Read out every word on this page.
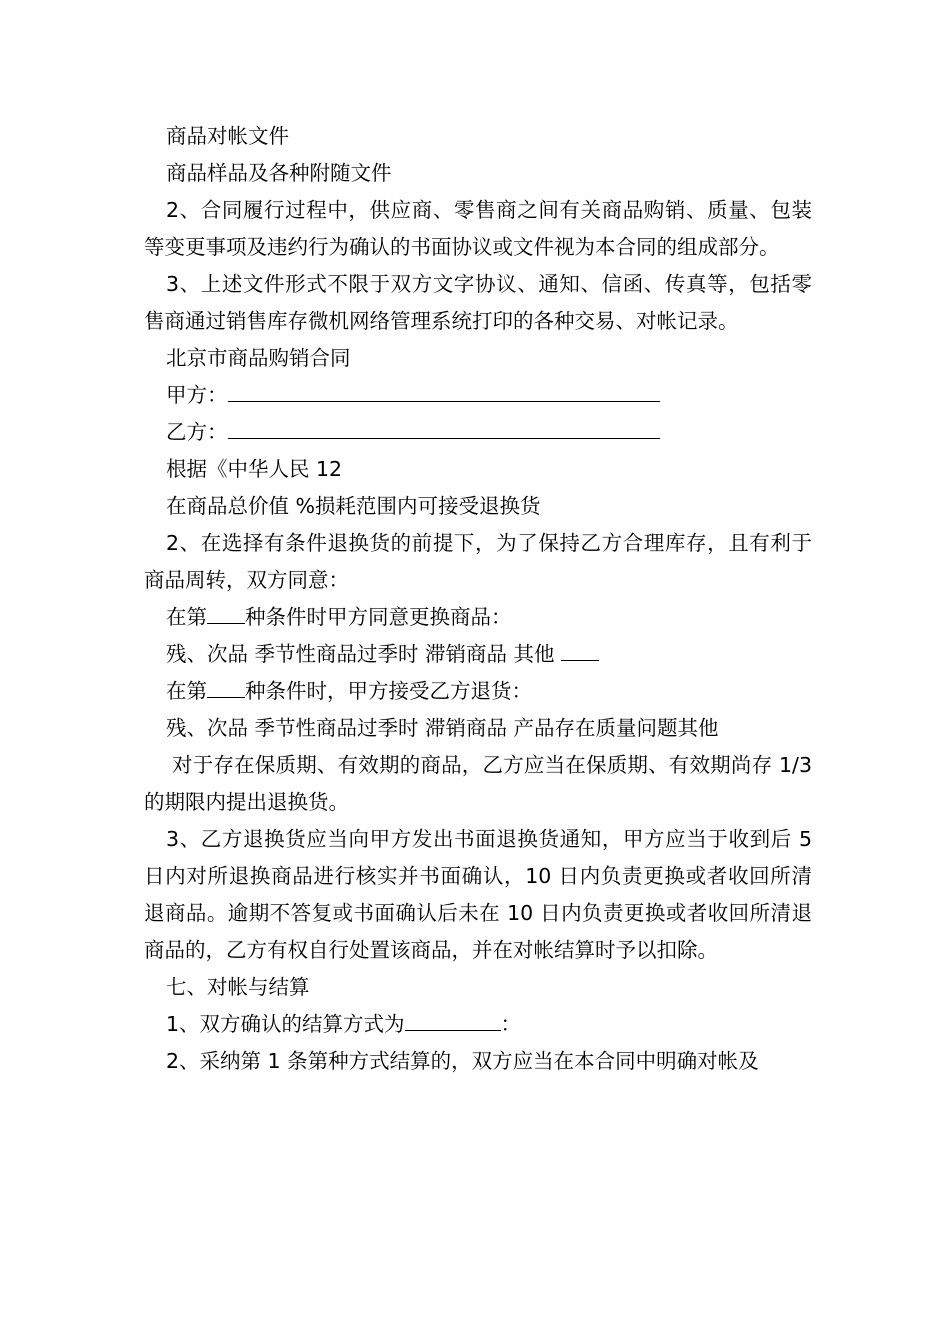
商品对帐文件

商品样品及各种附随文件

2、合同履行过程中，供应商、零售商之间有关商品购销、质量、包装等变更事项及违约行为确认的书面协议或文件视为本合同的组成部分。

3、上述文件形式不限于双方文字协议、通知、信函、传真等，包括零售商通过销售库存微机网络管理系统打印的各种交易、对帐记录。

北京市商品购销合同

甲方：

乙方：

根据《中华人民 12

在商品总价值 %损耗范围内可接受退换货

2、在选择有条件退换货的前提下，为了保持乙方合理库存，且有利于商品周转，双方同意：

在第 种条件时甲方同意更换商品：

残、次品 季节性商品过季时 滞销商品 其他

在第 种条件时，甲方接受乙方退货：

残、次品 季节性商品过季时 滞销商品 产品存在质量问题其他

对于存在保质期、有效期的商品，乙方应当在保质期、有效期尚存 1/3 的期限内提出退换货。

3、乙方退换货应当向甲方发出书面退换货通知，甲方应当于收到后 5 日内对所退换商品进行核实并书面确认，10 日内负责更换或者收回所清退商品。逾期不答复或书面确认后未在 10 日内负责更换或者收回所清退商品的，乙方有权自行处置该商品，并在对帐结算时予以扣除。

七、对帐与结算

1、双方确认的结算方式为	：

2、采纳第 1 条第种方式结算的，双方应当在本合同中明确对帐及
